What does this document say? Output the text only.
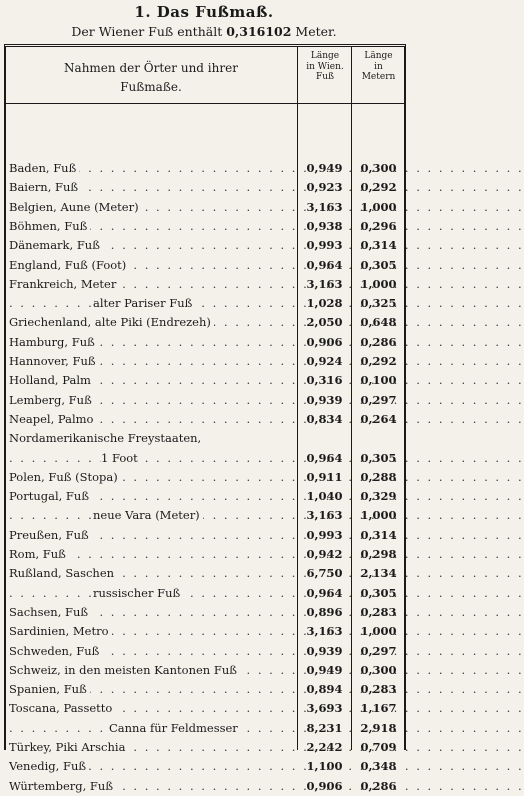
1. Das Fußmaß.
Der Wiener Fuß enthält 0,316102 Meter.
Nahmen der Örter und ihrer
Fußmaße.
Länge
in Wien.
Fuß
Länge
in
Metern
Baden, Fuß . . .	0,949	0,300
Baiern, Fuß . . .	0,923	0,292
Belgien, Aune (Meter) . . .	3,163	1,000
Böhmen, Fuß . . .	0,938	0,296
Dänemark, Fuß . . .	0,993	0,314
England, Fuß (Foot) . . .	0,964	0,305
Frankreich, Meter . . .	3,163	1,000
alter Pariser Fuß . . .	1,028	0,325
Griechenland, alte Piki (Endrezeh) . . .	2,050	0,648
Hamburg, Fuß . . .	0,906	0,286
Hannover, Fuß . . .	0,924	0,292
Holland, Palm . . .	0,316	0,100
Lemberg, Fuß . . .	0,939	0,297
Neapel, Palmo . . .	0,834	0,264
Nordamerikanische Freystaaten,
1 Foot . . .	0,964	0,305
Polen, Fuß (Stopa) . . .	0,911	0,288
Portugal, Fuß . . .	1,040	0,329
neue Vara (Meter) . . .	3,163	1,000
Preußen, Fuß . . .	0,993	0,314
Rom, Fuß . . .	0,942	0,298
Rußland, Saschen . . .	6,750	2,134
russischer Fuß . . .	0,964	0,305
Sachsen, Fuß . . .	0,896	0,283
Sardinien, Metro . . .	3,163	1,000
Schweden, Fuß . . .	0,939	0,297
Schweiz, in den meisten Kantonen Fuß . . .	0,949	0,300
Spanien, Fuß . . .	0,894	0,283
Toscana, Passetto . . .	3,693	1,167
Canna für Feldmesser . . .	8,231	2,918
Türkey, Piki Arschia . . .	2,242	0,709
Venedig, Fuß . . .	1,100	0,348
Würtemberg, Fuß . . .	0,906	0,286
